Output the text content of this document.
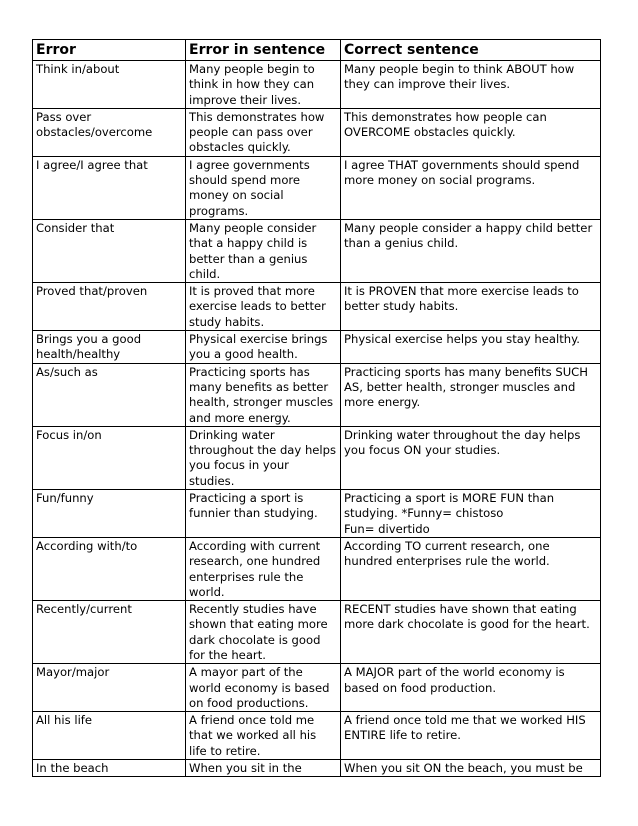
Error	Error in sentence	Correct sentence
Think in/about	Many people begin to think in how they can improve their lives.	Many people begin to think ABOUT how they can improve their lives.
Pass over obstacles/overcome	This demonstrates how people can pass over obstacles quickly.	This demonstrates how people can OVERCOME obstacles quickly.
I agree/I agree that	I agree governments should spend more money on social programs.	I agree THAT governments should spend more money on social programs.
Consider that	Many people consider that a happy child is better than a genius child.	Many people consider a happy child better than a genius child.
Proved that/proven	It is proved that more exercise leads to better study habits.	It is PROVEN that more exercise leads to better study habits.
Brings you a good health/healthy	Physical exercise brings you a good health.	Physical exercise helps you stay healthy.
As/such as	Practicing sports has many benefits as better health, stronger muscles and more energy.	Practicing sports has many benefits SUCH AS, better health, stronger muscles and more energy.
Focus in/on	Drinking water throughout the day helps you focus in your studies.	Drinking water throughout the day helps you focus ON your studies.
Fun/funny	Practicing a sport is funnier than studying.	Practicing a sport is MORE FUN than studying. *Funny= chistoso
Fun= divertido
According with/to	According with current research, one hundred enterprises rule the world.	According TO current research, one hundred enterprises rule the world.
Recently/current	Recently studies have shown that eating more dark chocolate is good for the heart.	RECENT studies have shown that eating more dark chocolate is good for the heart.
Mayor/major	A mayor part of the world economy is based on food productions.	A MAJOR part of the world economy is based on food production.
All his life	A friend once told me that we worked all his life to retire.	A friend once told me that we worked HIS ENTIRE life to retire.
In the beach	When you sit in the	When you sit ON the beach, you must be
